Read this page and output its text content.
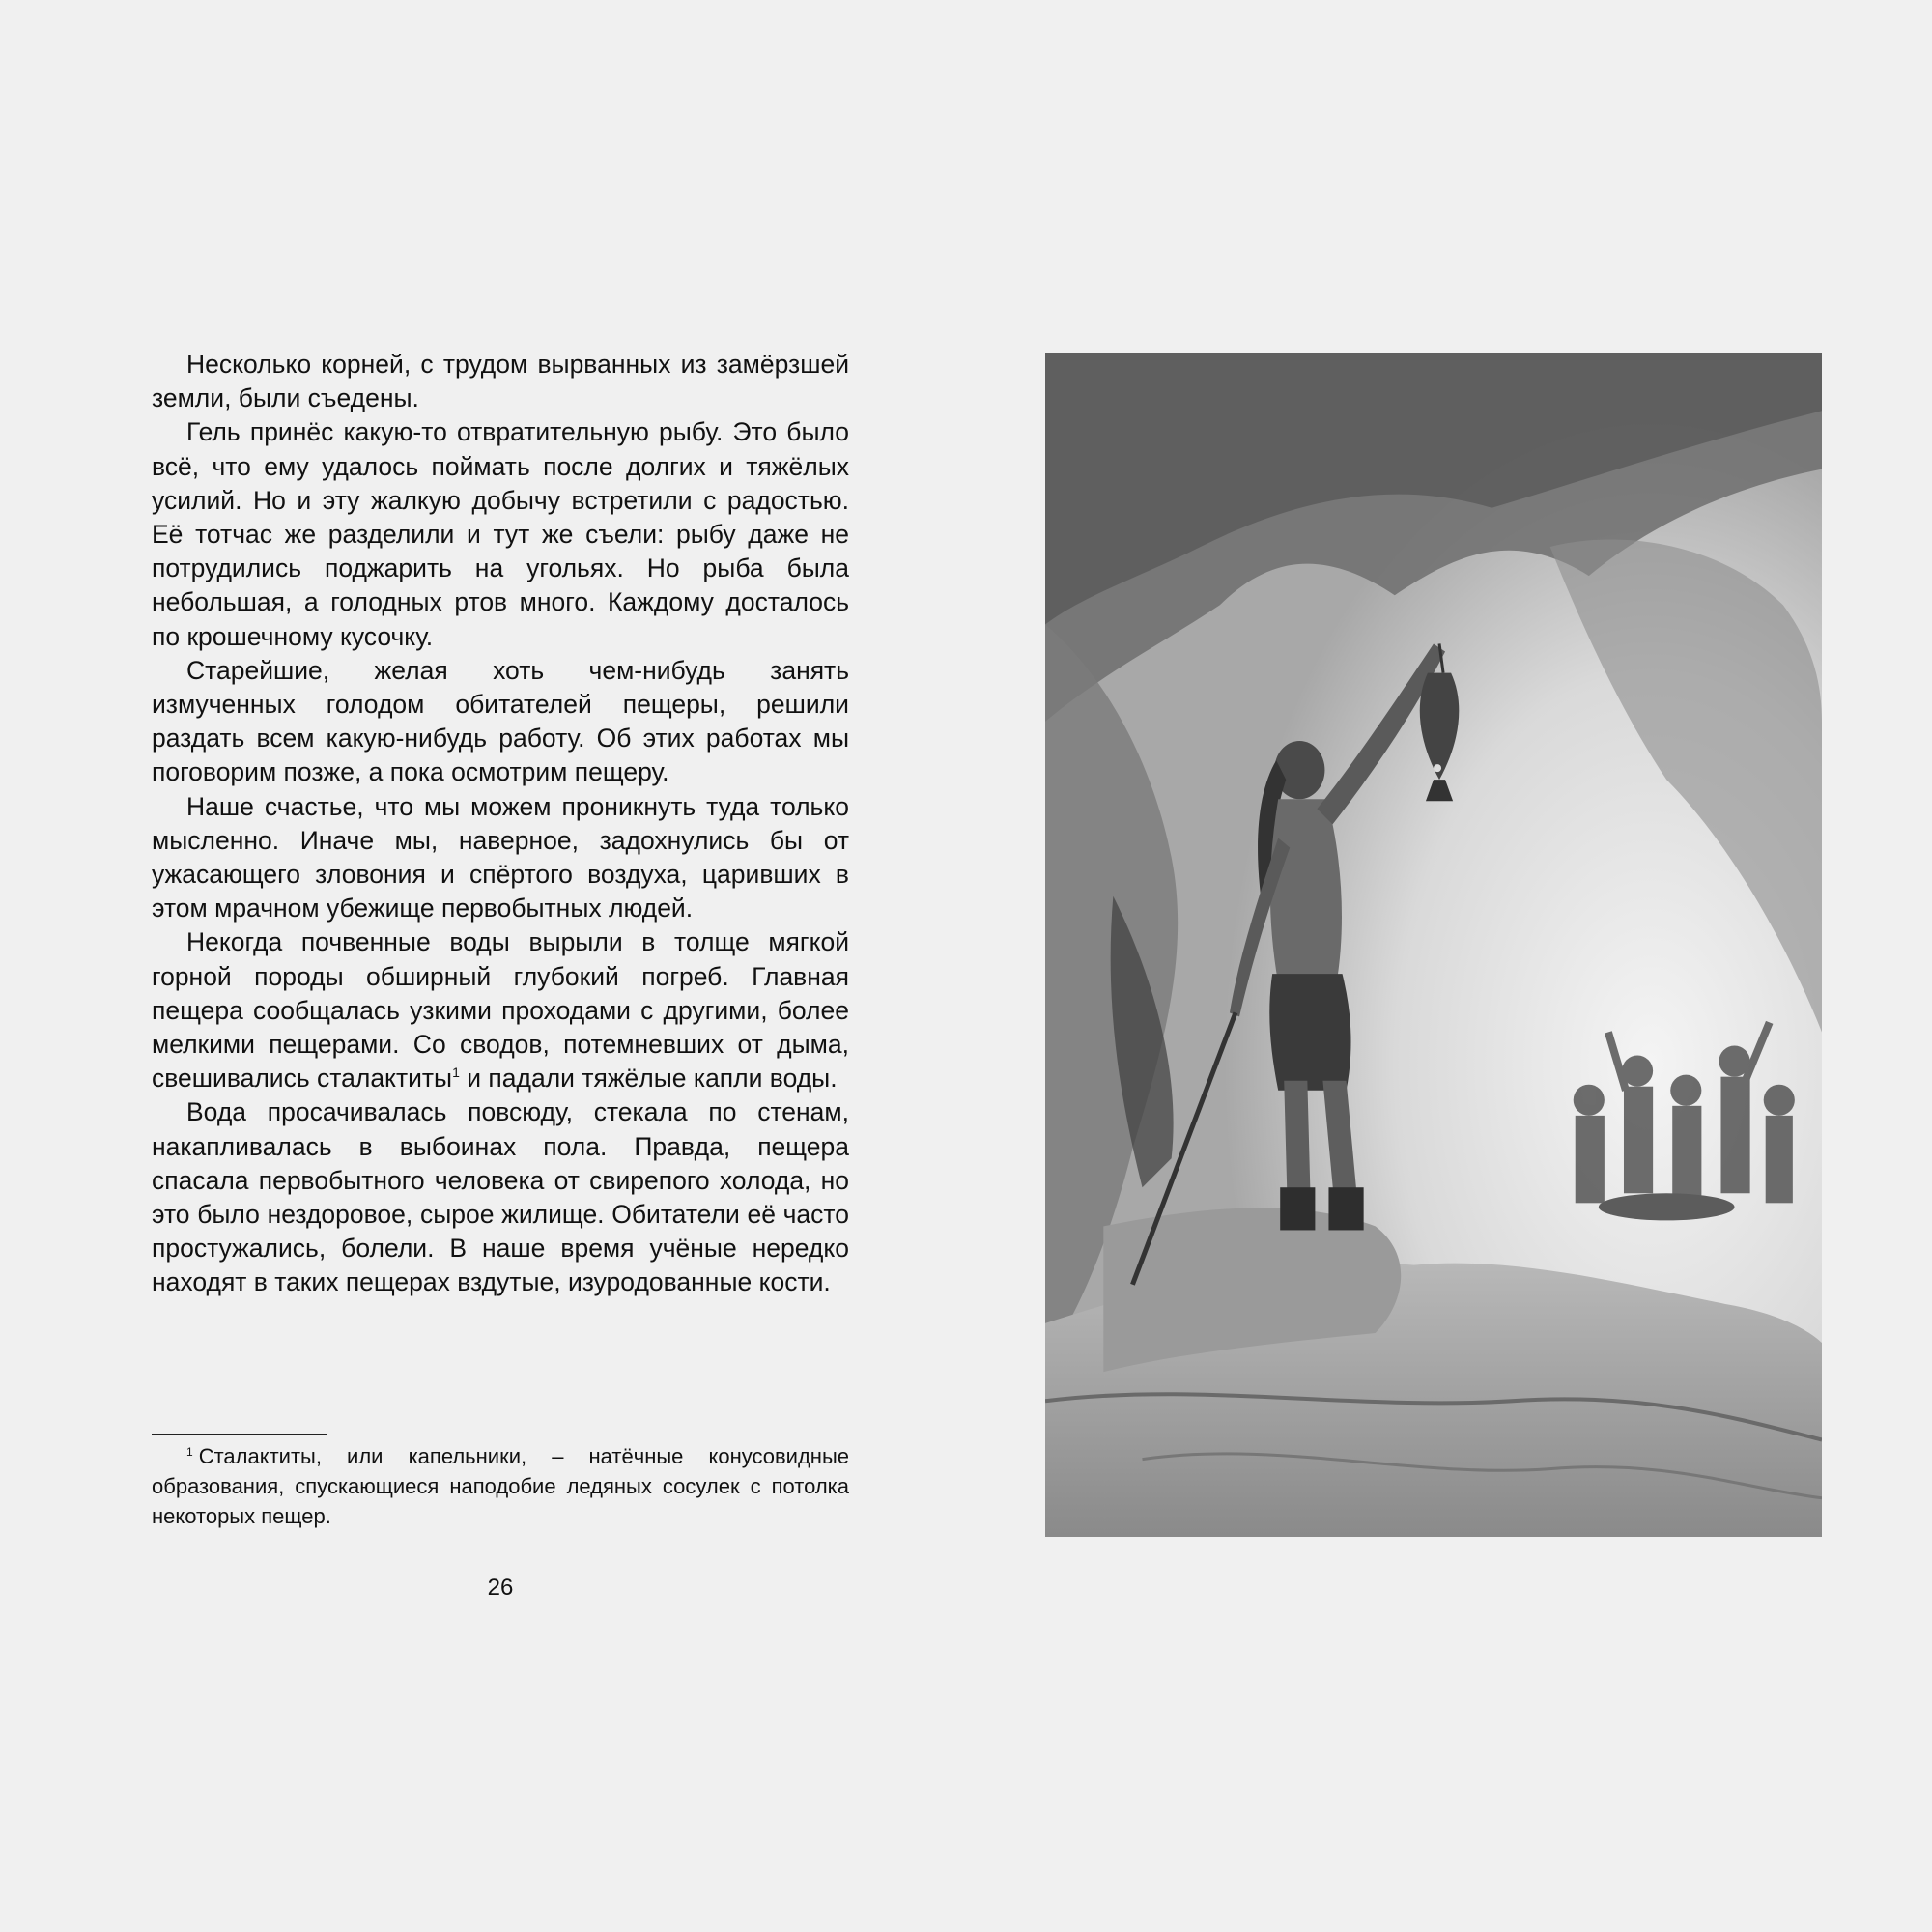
Несколько корней, с трудом вырванных из замёрзшей земли, были съедены.

Гель принёс какую-то отвратительную рыбу. Это было всё, что ему удалось поймать после долгих и тяжёлых усилий. Но и эту жалкую добычу встретили с радостью. Её тотчас же разделили и тут же съели: рыбу даже не потрудились поджарить на угольях. Но рыба была небольшая, а голодных ртов много. Каждому досталось по крошечному кусочку.

Старейшие, желая хоть чем-нибудь занять измученных голодом обитателей пещеры, решили раздать всем какую-нибудь работу. Об этих работах мы поговорим позже, а пока осмотрим пещеру.

Наше счастье, что мы можем проникнуть туда только мысленно. Иначе мы, наверное, задохнулись бы от ужасающего зловония и спёртого воздуха, царивших в этом мрачном убежище первобытных людей.

Некогда почвенные воды вырыли в толще мягкой горной породы обширный глубокий погреб. Главная пещера сообщалась узкими проходами с другими, более мелкими пещерами. Со сводов, потемневших от дыма, свешивались сталактиты$^1$ и падали тяжёлые капли воды.

Вода просачивалась повсюду, стекала по стенам, накапливалась в выбоинах пола. Правда, пещера спасала первобытного человека от свирепого холода, но это было нездоровое, сырое жилище. Обитатели её часто простужались, болели. В наше время учёные нередко находят в таких пещерах вздутые, изуродованные кости.

$^1$ Сталактиты, или капельники, – натёчные конусовидные образования, спускающиеся наподобие ледяных сосулек с потолка некоторых пещер.

26
